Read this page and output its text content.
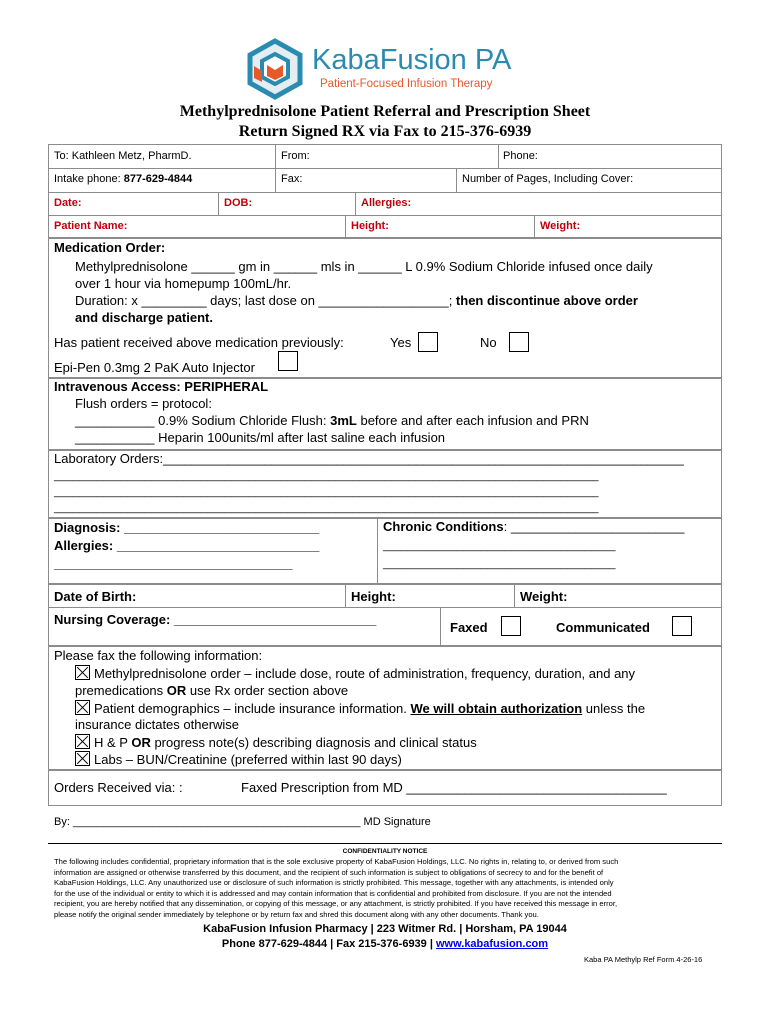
KabaFusion PA
Patient-Focused Infusion Therapy
Methylprednisolone Patient Referral and Prescription Sheet
Return Signed RX via Fax to 215-376-6939
To: Kathleen Metz, PharmD.	From:	Phone:
Intake phone: 877-629-4844	Fax:	Number of Pages, Including Cover:
Date:	DOB:	Allergies:
Patient Name:	Height:	Weight:
Medication Order:
Methylprednisolone ______ gm in ______ mls in ______ L 0.9% Sodium Chloride infused once daily
over 1 hour via homepump 100mL/hr.
Duration: x _________ days; last dose on __________________; then discontinue above order
and discharge patient.
Has patient received above medication previously:	Yes	No
Epi-Pen 0.3mg 2 PaK Auto Injector
Intravenous Access: PERIPHERAL
Flush orders = protocol:
___________ 0.9% Sodium Chloride Flush: 3mL before and after each infusion and PRN
___________ Heparin 100units/ml after last saline each infusion
Laboratory Orders:________________________________________________________________________
_________________________________________________________________________________________
_________________________________________________________________________________________
_________________________________________________________________________________________
Diagnosis: ___________________________
Allergies: ____________________________
_________________________________
Chronic Conditions: ________________________
______________________________________
______________________________________
Date of Birth:	Height:	Weight:
Nursing Coverage: ____________________________
Faxed	Communicated
Please fax the following information:
Methylprednisolone order – include dose, route of administration, frequency, duration, and any
premedications OR use Rx order section above
Patient demographics – include insurance information. We will obtain authorization unless the
insurance dictates otherwise
H & P OR progress note(s) describing diagnosis and clinical status
Labs – BUN/Creatinine (preferred within last 90 days)
Orders Received via: :	Faxed Prescription from MD ____________________________________
By: _______________________________________________ MD Signature
CONFIDENTIALITY NOTICE
The following includes confidential, proprietary information that is the sole exclusive property of KabaFusion Holdings, LLC. No rights in, relating to, or derived from such
information are assigned or otherwise transferred by this document, and the recipient of such information is subject to obligations of secrecy to and for the benefit of
KabaFusion Holdings, LLC. Any unauthorized use or disclosure of such information is strictly prohibited. This message, together with any attachments, is intended only
for the use of the individual or entity to which it is addressed and may contain information that is confidential and prohibited from disclosure. If you are not the intended
recipient, you are hereby notified that any dissemination, or copying of this message, or any attachment, is strictly prohibited. If you have received this message in error,
please notify the original sender immediately by telephone or by return fax and shred this document along with any other documents. Thank you.
KabaFusion Infusion Pharmacy | 223 Witmer Rd. | Horsham, PA 19044
Phone 877-629-4844 | Fax 215-376-6939 | www.kabafusion.com
Kaba PA Methylp Ref Form 4-26-16
